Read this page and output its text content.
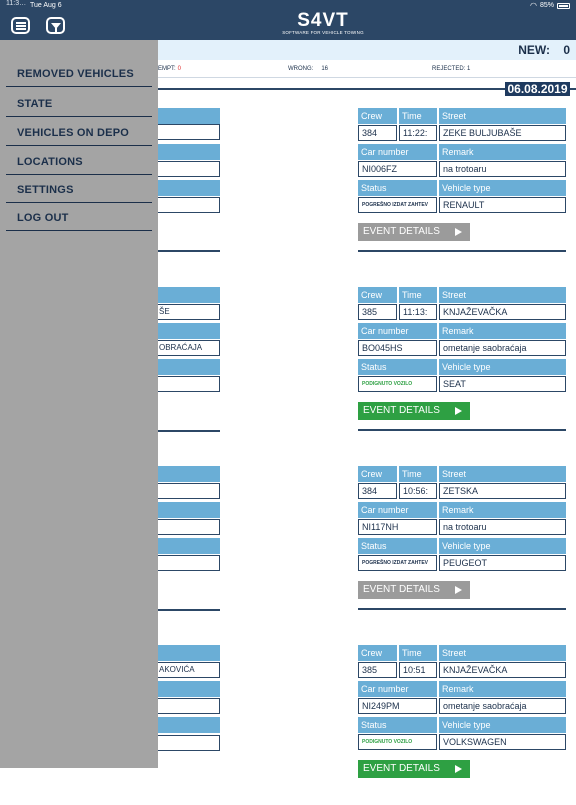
11:3… Tue Aug 6	◠ 85%
S4VT
SOFTWARE FOR VEHICLE TOWING
NEW: 0
EMPT: 0	WRONG: 16	REJECTED: 1
06.08.2019
ŠE
OBRAĆAJA
AKOVIĆA
Crew	Time	Street
384	11:22:	ZEKE BULJUBAŠE
Car number	Remark
NI006FZ	na trotoaru
Status	Vehicle type
POGREŠNO IZDAT ZAHTEV	RENAULT
EVENT DETAILS
Crew	Time	Street
385	11:13:	KNJAŽEVAČKA
Car number	Remark
BO045HS	ometanje saobraćaja
Status	Vehicle type
PODIGNUTO VOZILO	SEAT
EVENT DETAILS
Crew	Time	Street
384	10:56:	ZETSKA
Car number	Remark
NI117NH	na trotoaru
Status	Vehicle type
POGREŠNO IZDAT ZAHTEV	PEUGEOT
EVENT DETAILS
Crew	Time	Street
385	10:51	KNJAŽEVAČKA
Car number	Remark
NI249PM	ometanje saobraćaja
Status	Vehicle type
PODIGNUTO VOZILO	VOLKSWAGEN
EVENT DETAILS
REMOVED VEHICLES
STATE
VEHICLES ON DEPO
LOCATIONS
SETTINGS
LOG OUT
